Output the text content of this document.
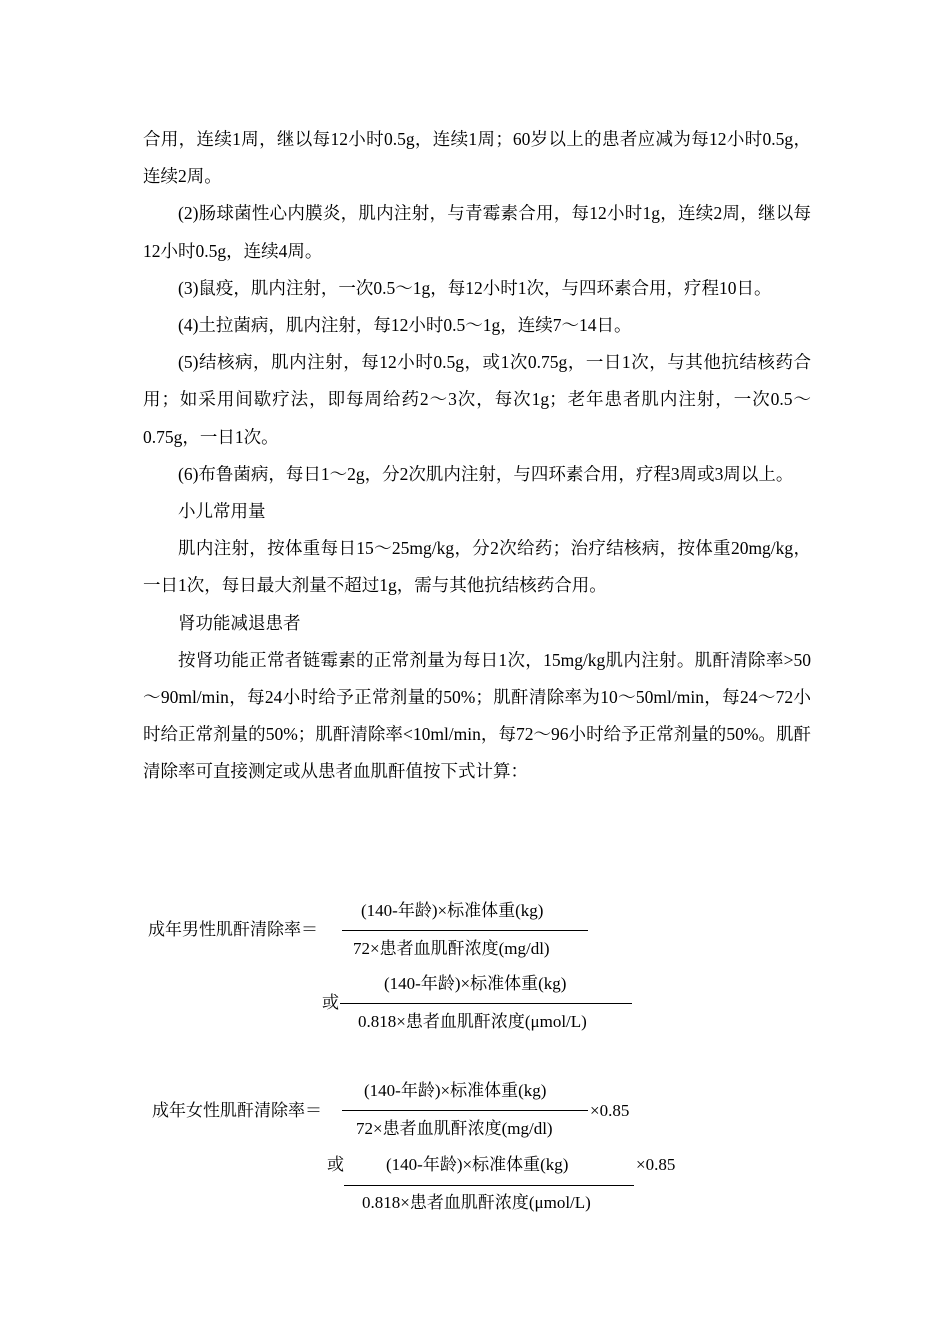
合用，连续1周，继以每12小时0.5g，连续1周；60岁以上的患者应减为每12小时0.5g，连续2周。

(2)肠球菌性心内膜炎，肌内注射，与青霉素合用，每12小时1g，连续2周，继以每12小时0.5g，连续4周。

(3)鼠疫，肌内注射，一次0.5～1g，每12小时1次，与四环素合用，疗程10日。

(4)土拉菌病，肌内注射，每12小时0.5～1g，连续7～14日。

(5)结核病，肌内注射，每12小时0.5g，或1次0.75g，一日1次，与其他抗结核药合用；如采用间歇疗法，即每周给药2～3次，每次1g；老年患者肌内注射，一次0.5～0.75g，一日1次。

(6)布鲁菌病，每日1～2g，分2次肌内注射，与四环素合用，疗程3周或3周以上。

小儿常用量

肌内注射，按体重每日15～25mg/kg，分2次给药；治疗结核病，按体重20mg/kg，一日1次，每日最大剂量不超过1g，需与其他抗结核药合用。

肾功能减退患者

按肾功能正常者链霉素的正常剂量为每日1次，15mg/kg肌内注射。肌酐清除率>50～90ml/min，每24小时给予正常剂量的50%；肌酐清除率为10～50ml/min，每24～72小时给正常剂量的50%；肌酐清除率<10ml/min，每72～96小时给予正常剂量的50%。肌酐清除率可直接测定或从患者血肌酐值按下式计算：

成年男性肌酐清除率＝
(140-年龄)×标准体重(kg)
72×患者血肌酐浓度(mg/dl)
或
(140-年龄)×标准体重(kg)
0.818×患者血肌酐浓度(μmol/L)
成年女性肌酐清除率＝
(140-年龄)×标准体重(kg)
72×患者血肌酐浓度(mg/dl)
×0.85
或 (140-年龄)×标准体重(kg)	×0.85
0.818×患者血肌酐浓度(μmol/L)
